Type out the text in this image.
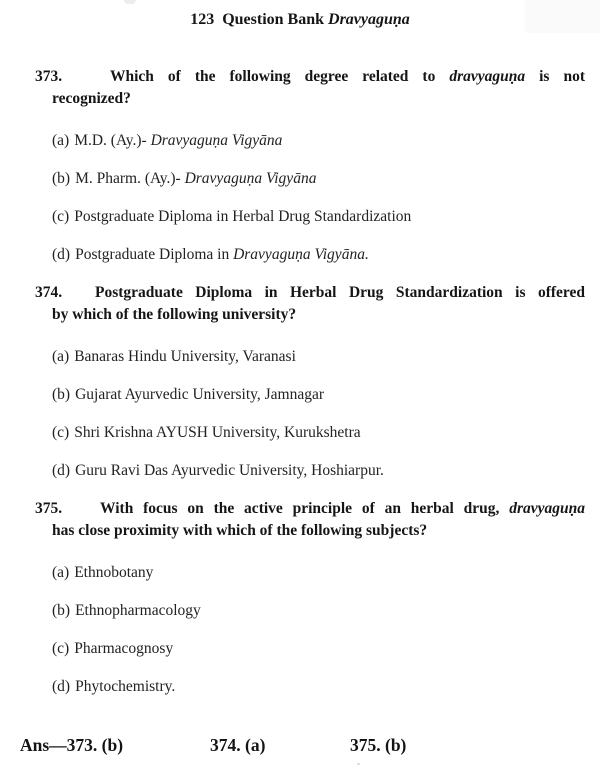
123  Question Bank Dravyaguṇa
373.	Which of the following degree related to dravyaguṇa is not
recognized?
(a) M.D. (Ay.)- Dravyaguṇa Vigyāna
(b) M. Pharm. (Ay.)- Dravyaguṇa Vigyāna
(c) Postgraduate Diploma in Herbal Drug Standardization
(d) Postgraduate Diploma in Dravyaguṇa Vigyāna.
374.	Postgraduate Diploma in Herbal Drug Standardization is offered
by which of the following university?
(a) Banaras Hindu University, Varanasi
(b) Gujarat Ayurvedic University, Jamnagar
(c) Shri Krishna AYUSH University, Kurukshetra
(d) Guru Ravi Das Ayurvedic University, Hoshiarpur.
375.	With focus on the active principle of an herbal drug, dravyaguṇa
has close proximity with which of the following subjects?
(a) Ethnobotany
(b) Ethnopharmacology
(c) Pharmacognosy
(d) Phytochemistry.
Ans—373. (b)	374. (a)	375. (b)
